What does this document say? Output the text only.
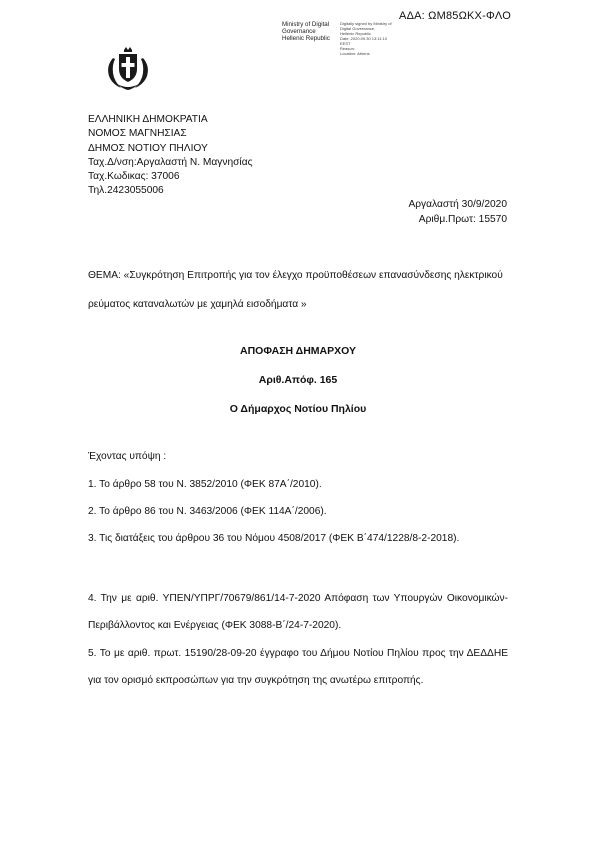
ΑΔΑ: ΩΜ85ΩΚΧ-ΦΛΟ
Ministry of Digital
Governance
Hellenic Republic
Digitally signed by Ministry of
Digital Governance,
Hellenic Republic
Date: 2020.09.30 13:11:10
EEST
Reason:
Location: Athens
ΕΛΛΗΝΙΚΗ ΔΗΜΟΚΡΑΤΙΑ
ΝΟΜΟΣ ΜΑΓΝΗΣΙΑΣ
ΔΗΜΟΣ ΝΟΤΙΟΥ ΠΗΛΙΟΥ
Ταχ.Δ/νση:Αργαλαστή Ν. Μαγνησίας
Ταχ.Κωδικας: 37006
Τηλ.2423055006
Αργαλαστή 30/9/2020
Αριθμ.Πρωτ: 15570
ΘΕΜΑ: «Συγκρότηση Επιτροπής για τον έλεγχο προϋποθέσεων επανασύνδεσης ηλεκτρικού ρεύματος καταναλωτών με χαμηλά εισοδήματα »
ΑΠΟΦΑΣΗ ΔΗΜΑΡΧΟΥ
Αριθ.Απόφ. 165
Ο Δήμαρχος Νοτίου Πηλίου
Έχοντας υπόψη :
1. Το άρθρο 58 του Ν. 3852/2010 (ΦΕΚ 87Α΄/2010).
2. Το άρθρο 86 του Ν. 3463/2006 (ΦΕΚ 114Α΄/2006).
3. Τις διατάξεις του άρθρου 36 του Νόμου 4508/2017 (ΦΕΚ Β΄474/1228/8-2-2018).
4. Την με αριθ. ΥΠΕΝ/ΥΠΡΓ/70679/861/14-7-2020 Απόφαση των Υπουργών Οικονομικών-Περιβάλλοντος και Ενέργειας (ΦΕΚ 3088-Β΄/24-7-2020).
5. Το με αριθ. πρωτ. 15190/28-09-20 έγγραφο του Δήμου Νοτίου Πηλίου προς την ΔΕΔΔΗΕ για τον ορισμό εκπροσώπων για την συγκρότηση της ανωτέρω επιτροπής.
